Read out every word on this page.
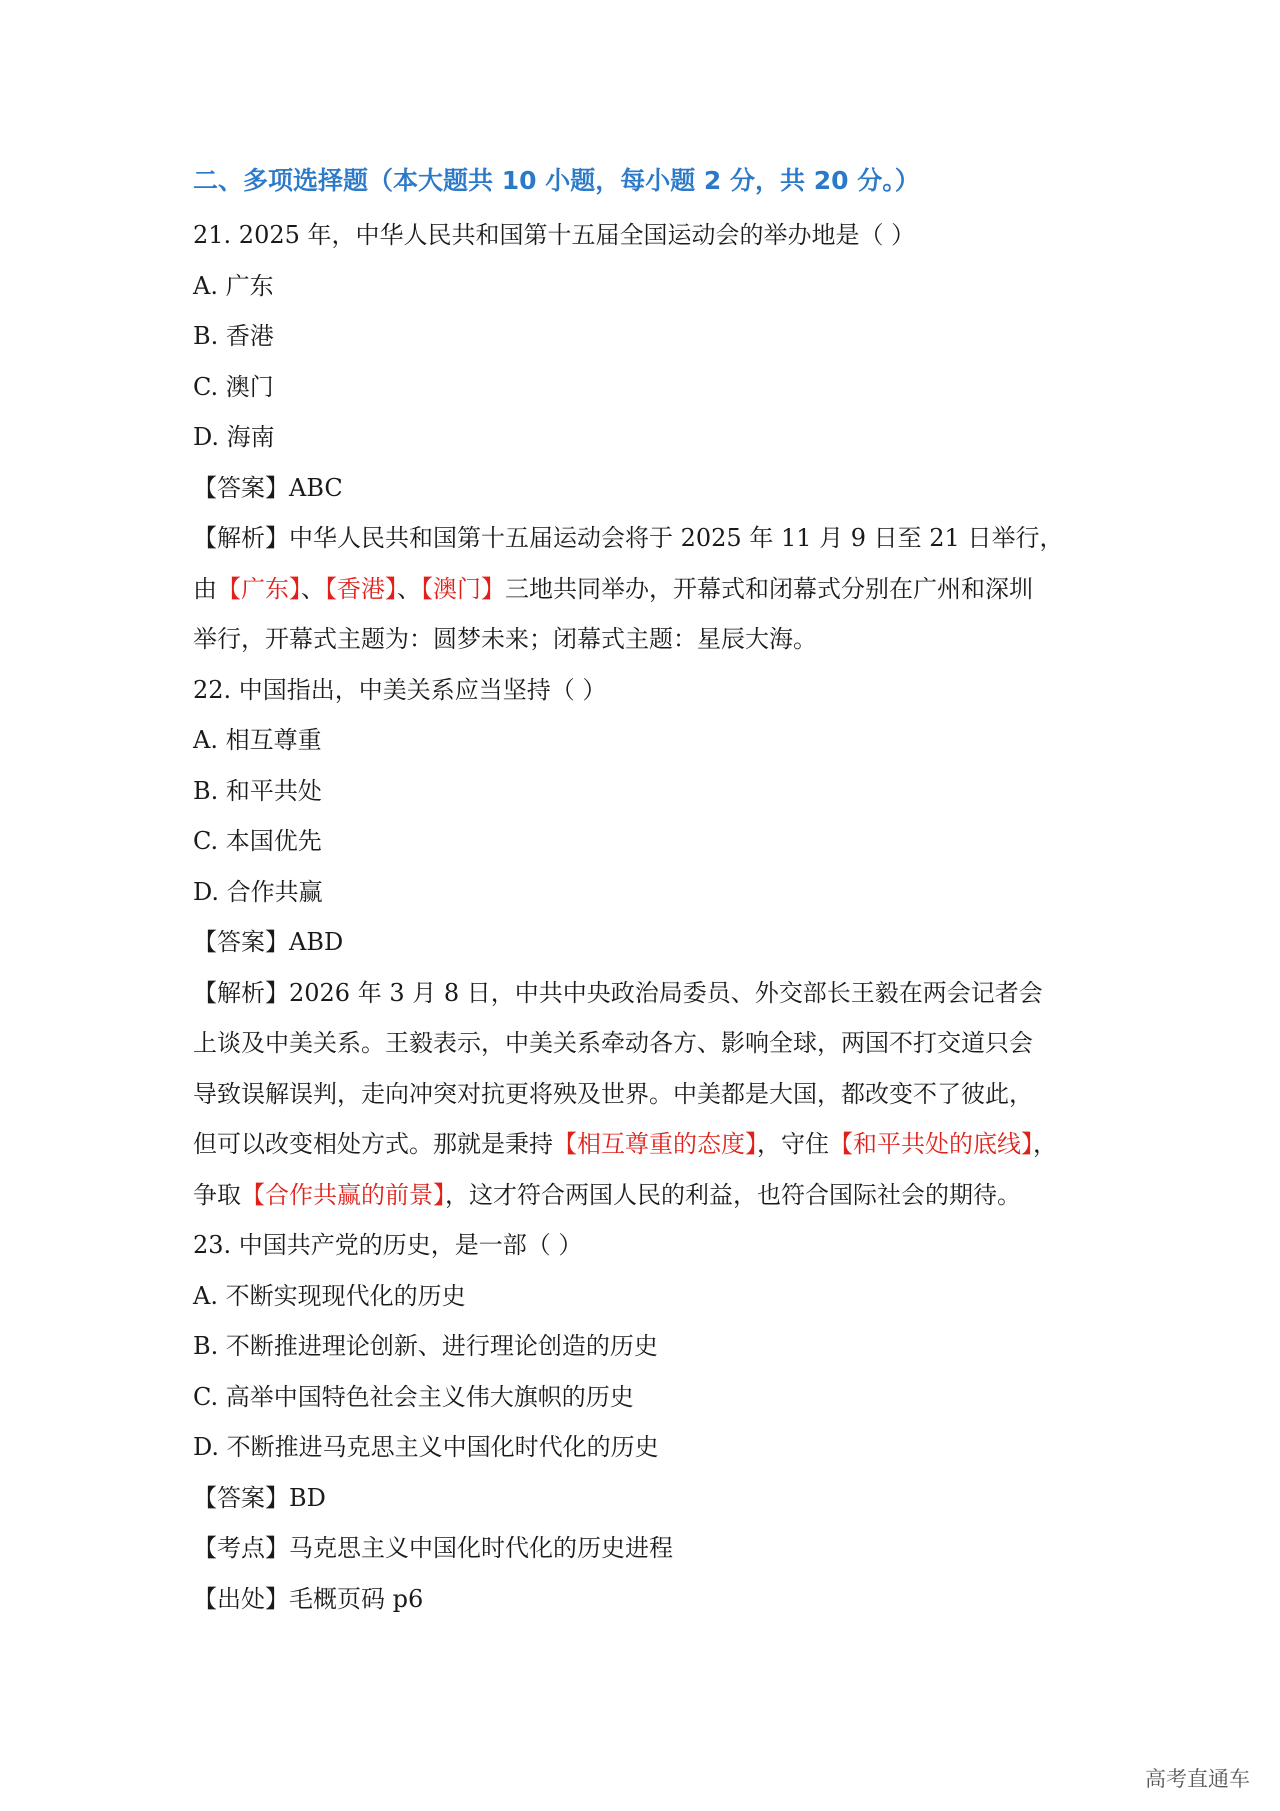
二、多项选择题（本大题共 10 小题，每小题 2 分，共 20 分。）

21. 2025 年，中华人民共和国第十五届全国运动会的举办地是（ ）

A. 广东

B. 香港

C. 澳门

D. 海南

【答案】ABC

【解析】中华人民共和国第十五届运动会将于 2025 年 11 月 9 日至 21 日举行，
由【广东】、【香港】、【澳门】三地共同举办，开幕式和闭幕式分别在广州和深圳
举行，开幕式主题为：圆梦未来；闭幕式主题：星辰大海。

22. 中国指出，中美关系应当坚持（ ）

A. 相互尊重

B. 和平共处

C. 本国优先

D. 合作共赢

【答案】ABD

【解析】2026 年 3 月 8 日，中共中央政治局委员、外交部长王毅在两会记者会
上谈及中美关系。王毅表示，中美关系牵动各方、影响全球，两国不打交道只会
导致误解误判，走向冲突对抗更将殃及世界。中美都是大国，都改变不了彼此，
但可以改变相处方式。那就是秉持【相互尊重的态度】，守住【和平共处的底线】，
争取【合作共赢的前景】，这才符合两国人民的利益，也符合国际社会的期待。

23. 中国共产党的历史，是一部（ ）

A. 不断实现现代化的历史

B. 不断推进理论创新、进行理论创造的历史

C. 高举中国特色社会主义伟大旗帜的历史

D. 不断推进马克思主义中国化时代化的历史

【答案】BD

【考点】马克思主义中国化时代化的历史进程

【出处】毛概页码 p6

高考直通车
